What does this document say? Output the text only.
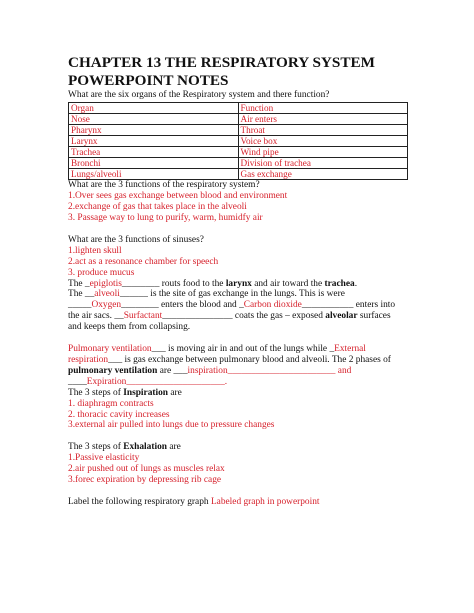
CHAPTER 13 THE RESPIRATORY SYSTEM

POWERPOINT NOTES

What are the six organs of the Respiratory system and there function?

Organ	Function
Nose	Air enters
Pharynx	Throat
Larynx	Voice box
Trachea	Wind pipe
Bronchi	Division of trachea
Lungs/alveoli	Gas exchange

What are the 3 functions of the respiratory system?

1.Over sees gas exchange between blood and environment

2.exchange of gas that takes place in the alveoli

3. Passage way to lung to purify, warm, humidfy air

What are the 3 functions of sinuses?

1.lighten skull

2.act as a resonance chamber for speech

3. produce mucus

The _epiglotis________ routs food to the larynx and air toward the trachea.

The __alveoli______ is the site of gas exchange in the lungs. This is were

_____Oxygen________ enters the blood and _Carbon dioxide___________ enters into

the air sacs. __Surfactant_______________ coats the gas – exposed alveolar surfaces

and keeps them from collapsing.

Pulmonary ventilation___ is moving air in and out of the lungs while _External

respiration___ is gas exchange between pulmonary blood and alveoli. The 2 phases of

pulmonary ventilation are ___inspiration_______________________ and

____Expiration_____________________.

The 3 steps of Inspiration are

1. diaphragm contracts

2. thoracic cavity increases

3.external air pulled into lungs due to pressure changes

The 3 steps of Exhalation are

1.Passive elasticity

2.air pushed out of lungs as muscles relax

3.forec expiration by depressing rib cage

Label the following respiratory graph Labeled graph in powerpoint
